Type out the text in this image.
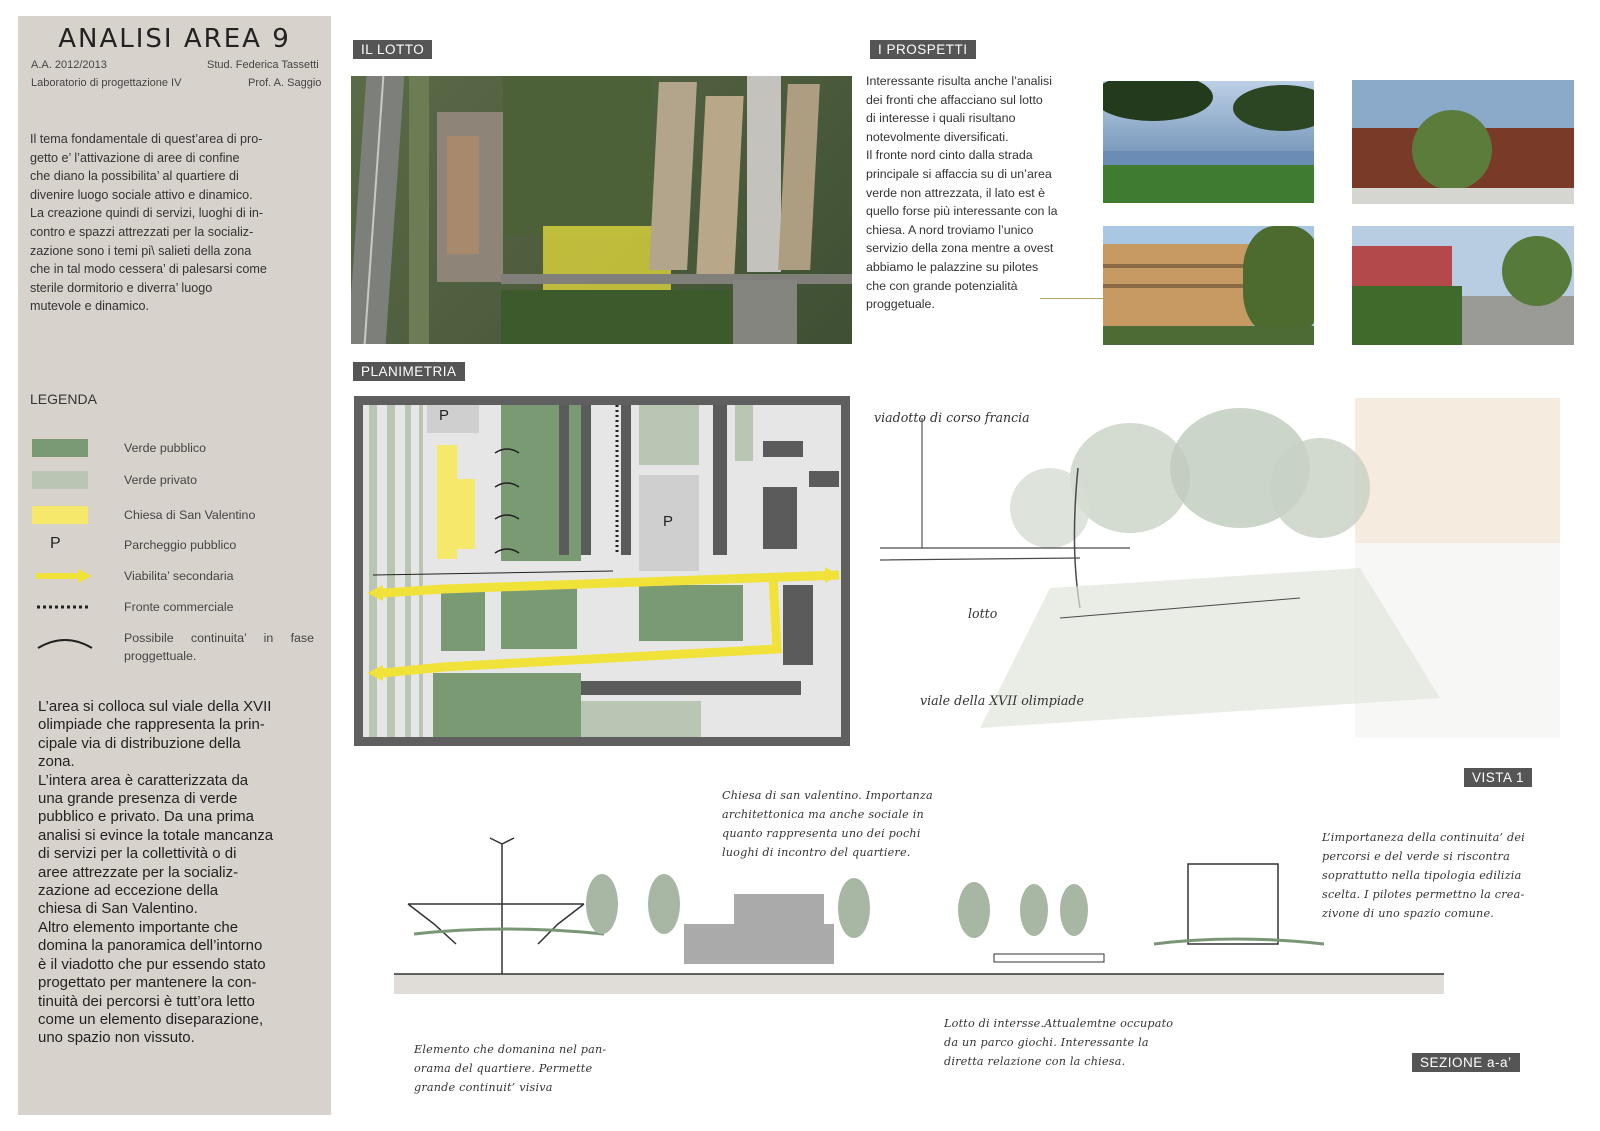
ANALISI AREA 9
A.A. 2012/2013	Stud. Federica Tassetti
Laboratorio di progettazione IV	Prof. A. Saggio
Il tema fondamentale di quest’area di pro-
getto e’ l’attivazione di aree di confine
che diano la possibilita’ al quartiere di
divenire luogo sociale attivo e dinamico.
La creazione quindi di servizi, luoghi di in-
contro e spazzi attrezzati per la socializ-
zazione sono i temi pi\ salieti della zona
che in tal modo cessera’ di palesarsi come
sterile dormitorio e diverra’ luogo
mutevole e dinamico.
LEGENDA
Verde pubblico
Verde privato
Chiesa di San Valentino
P	Parcheggio pubblico
Viabilita’ secondaria
Fronte commerciale
Possibile continuita’ in fase proggettuale.
L’area si colloca sul viale della XVII
olimpiade che rappresenta la prin-
cipale via di distribuzione della
zona.
L’intera area è caratterizzata da
una grande presenza di verde
pubblico e privato. Da una prima
analisi si evince la totale mancanza
di servizi per la collettività o di
aree attrezzate per la socializ-
zazione ad eccezione della
chiesa di San Valentino.
Altro elemento importante che
domina la panoramica dell’intorno
è il viadotto che pur essendo stato
progettato per mantenere la con-
tinuità dei percorsi è tutt’ora letto
come un elemento diseparazione,
uno spazio non vissuto.
IL LOTTO	I PROSPETTI
Interessante risulta anche l’analisi
dei fronti che affacciano sul lotto
di interesse i quali risultano
notevolmente diversificati.
Il fronte nord cinto dalla strada
principale si affaccia su di un’area
verde non attrezzata, il lato est è
quello forse più interessante con la
chiesa. A nord troviamo l’unico
servizio della zona mentre a ovest
abbiamo le palazzine su pilotes
che con grande potenzialità
proggetuale.
PLANIMETRIA
P
P
viadotto di corso francia
lotto
viale della XVII olimpiade
VISTA 1
Chiesa di san valentino. Importanza
architettonica ma anche sociale in
quanto rappresenta uno dei pochi
luoghi di incontro del quartiere.
L’importaneza della continuita’ dei
percorsi e del verde si riscontra
soprattutto nella tipologia edilizia
scelta. I pilotes permettno la crea-
zivone di uno spazio comune.
Lotto di intersse.Attualemtne occupato
da un parco giochi. Interessante la
diretta relazione con la chiesa.
Elemento che domanina nel pan-
orama del quartiere. Permette
grande continuit’ visiva
SEZIONE a-a’
